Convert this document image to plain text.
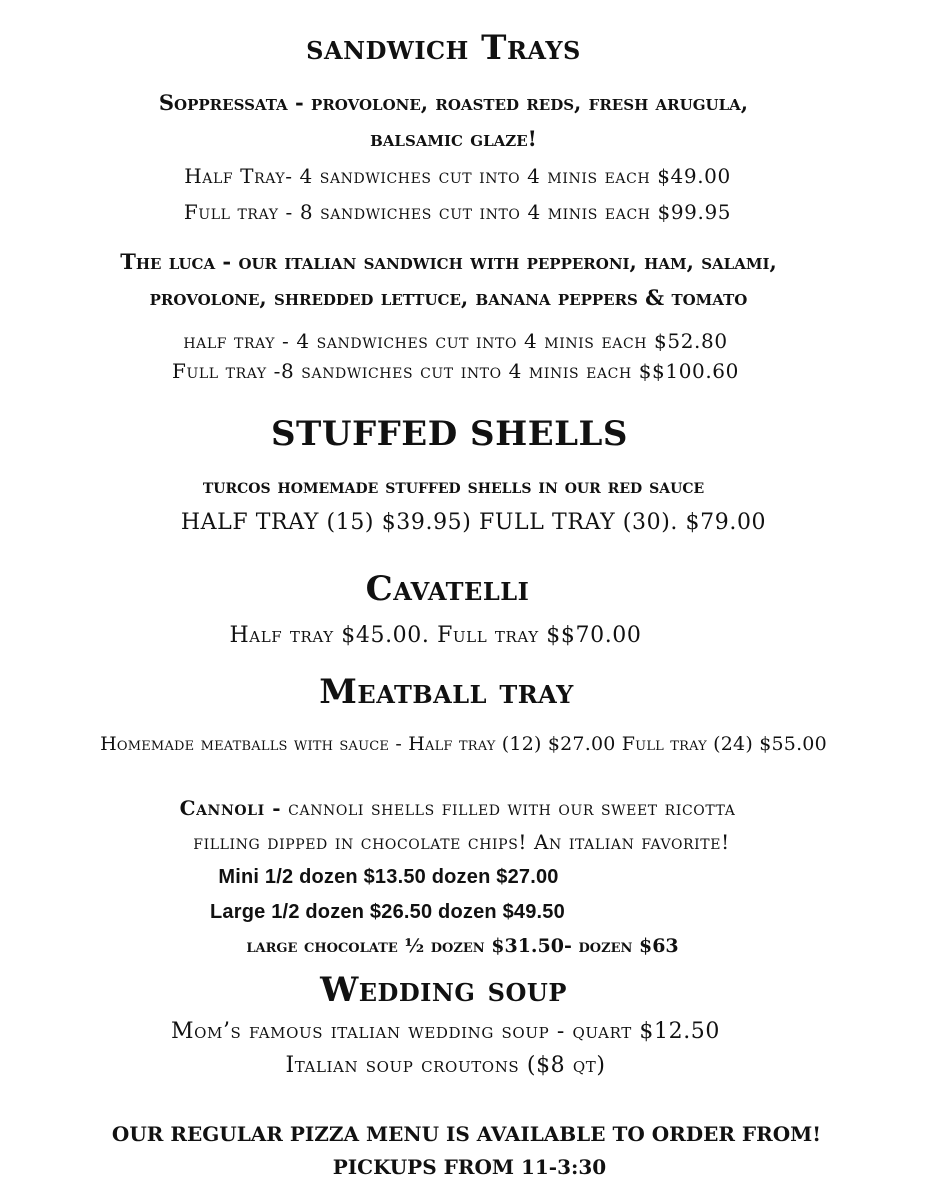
sandwich Trays
Soppressata - provolone, roasted reds, fresh arugula,
balsamic glaze!
Half Tray- 4 sandwiches cut into 4 minis each $49.00
Full tray - 8 sandwiches cut into 4 minis each $99.95
The luca - our italian sandwich with pepperoni, ham, salami,
provolone, shredded lettuce, banana peppers & tomato
half tray - 4 sandwiches cut into 4 minis each $52.80
Full tray -8 sandwiches cut into 4 minis each $$100.60
STUFFED SHELLS
turcos homemade stuffed shells in our red sauce
HALF TRAY (15) $39.95) FULL TRAY (30). $79.00
Cavatelli
Half tray $45.00. Full tray $$70.00
Meatball tray
Homemade meatballs with sauce - Half tray (12) $27.00 Full tray (24) $55.00
Cannoli - cannoli shells filled with our sweet ricotta
filling dipped in chocolate chips! An italian favorite!
Mini 1/2 dozen $13.50 dozen $27.00
Large 1/2 dozen $26.50 dozen $49.50
large chocolate ½ dozen $31.50- dozen $63
Wedding soup
Mom’s famous italian wedding soup - quart $12.50
Italian soup croutons ($8 qt)
OUR REGULAR PIZZA MENU IS AVAILABLE TO ORDER FROM!
PICKUPS FROM 11-3:30
